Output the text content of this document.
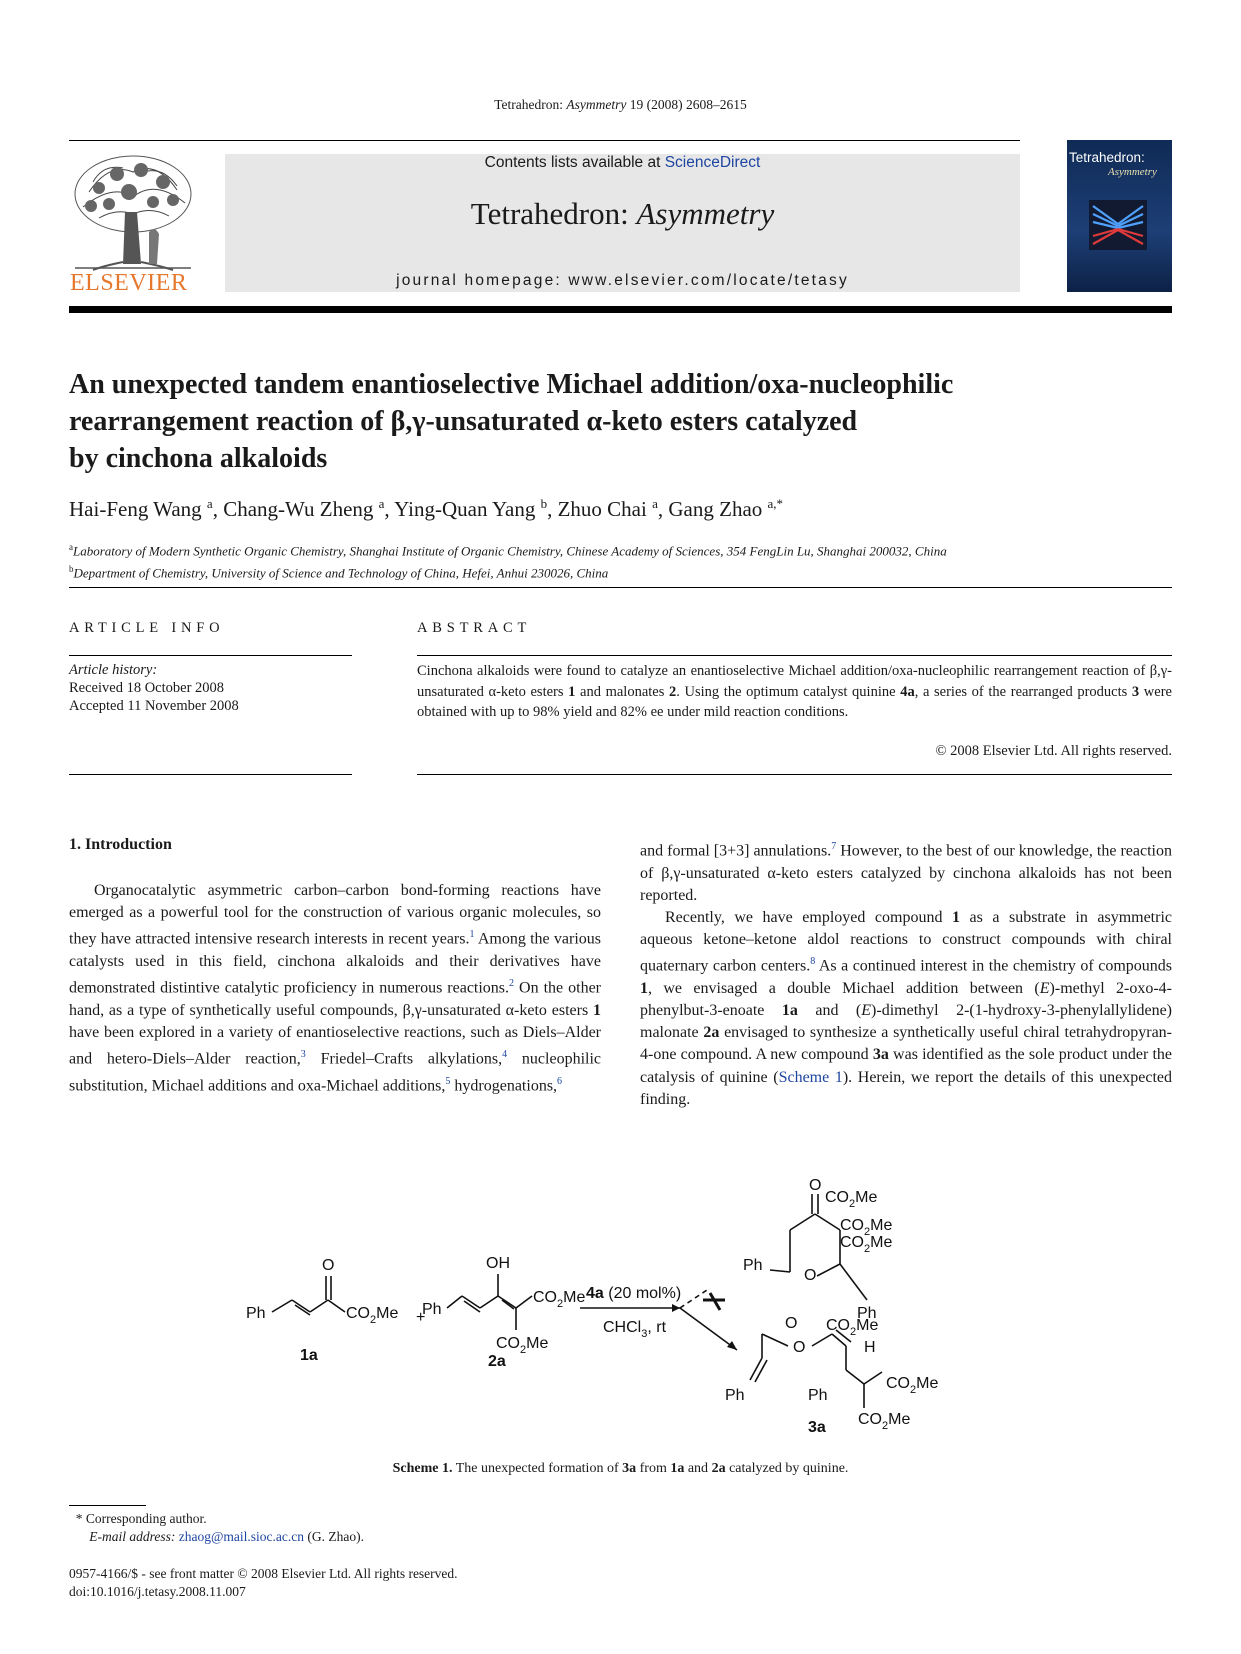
Tetrahedron: Asymmetry 19 (2008) 2608–2615
ELSEVIER
Contents lists available at ScienceDirect
Tetrahedron: Asymmetry
journal homepage: www.elsevier.com/locate/tetasy
Tetrahedron:
Asymmetry
An unexpected tandem enantioselective Michael addition/oxa-nucleophilic
rearrangement reaction of β,γ-unsaturated α-keto esters catalyzed
by cinchona alkaloids
Hai-Feng Wang $^a$, Chang-Wu Zheng $^a$, Ying-Quan Yang $^b$, Zhuo Chai $^a$, Gang Zhao $^{a,*}$
$^a$Laboratory of Modern Synthetic Organic Chemistry, Shanghai Institute of Organic Chemistry, Chinese Academy of Sciences, 354 FengLin Lu, Shanghai 200032, China
$^b$Department of Chemistry, University of Science and Technology of China, Hefei, Anhui 230026, China
ARTICLE INFO	ABSTRACT
Article history:
Received 18 October 2008
Accepted 11 November 2008
Cinchona alkaloids were found to catalyze an enantioselective Michael addition/oxa-nucleophilic rearrangement reaction of β,γ-unsaturated α-keto esters 1 and malonates 2. Using the optimum catalyst quinine 4a, a series of the rearranged products 3 were obtained with up to 98% yield and 82% ee under mild reaction conditions.
© 2008 Elsevier Ltd. All rights reserved.
1. Introduction

Organocatalytic asymmetric carbon–carbon bond-forming reactions have emerged as a powerful tool for the construction of various organic molecules, so they have attracted intensive research interests in recent years.$^1$ Among the various catalysts used in this field, cinchona alkaloids and their derivatives have demonstrated distintive catalytic proficiency in numerous reactions.$^2$ On the other hand, as a type of synthetically useful compounds, β,γ-unsaturated α-keto esters 1 have been explored in a variety of enantioselective reactions, such as Diels–Alder and hetero-Diels–Alder reaction,$^3$ Friedel–Crafts alkylations,$^4$ nucleophilic substitution, Michael additions and oxa-Michael additions,$^5$ hydrogenations,$^6$

and formal [3+3] annulations.$^7$ However, to the best of our knowledge, the reaction of β,γ-unsaturated α-keto esters catalyzed by cinchona alkaloids has not been reported.

Recently, we have employed compound 1 as a substrate in asymmetric aqueous ketone–ketone aldol reactions to construct compounds with chiral quaternary carbon centers.$^8$ As a continued interest in the chemistry of compounds 1, we envisaged a double Michael addition between (E)-methyl 2-oxo-4-phenylbut-3-enoate 1a and (E)-dimethyl 2-(1-hydroxy-3-phenylallylidene) malonate 2a envisaged to synthesize a synthetically useful chiral tetrahydropyran-4-one compound. A new compound 3a was identified as the sole product under the catalysis of quinine (Scheme 1). Herein, we report the details of this unexpected finding.

Ph
O
$CO_2Me$
1a
+
Ph
OH
$CO_2Me$
$CO_2Me$
2a
4a (20 mol%)
CHCl$_3$, rt
O
$CO_2Me$
$CO_2Me$
$CO_2Me$
Ph
O
Ph
O $CO_2Me$
H
O
Ph	Ph
$CO_2Me$
$CO_2Me$
3a
Scheme 1. The unexpected formation of 3a from 1a and 2a catalyzed by quinine.
* Corresponding author.
E-mail address: zhaog@mail.sioc.ac.cn (G. Zhao).
0957-4166/$ - see front matter © 2008 Elsevier Ltd. All rights reserved.
doi:10.1016/j.tetasy.2008.11.007
